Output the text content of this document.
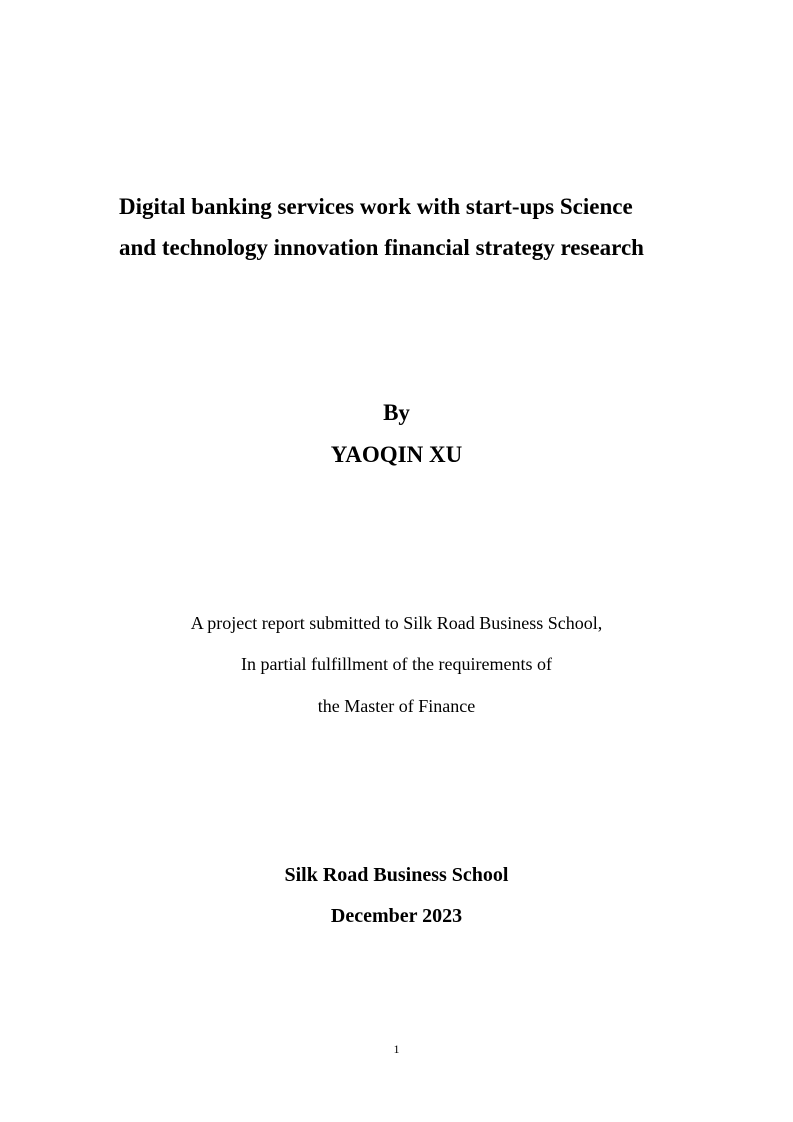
Digital banking services work with start-ups Science
and technology innovation financial strategy research
By
YAOQIN XU
A project report submitted to Silk Road Business School,
In partial fulfillment of the requirements of
the Master of Finance
Silk Road Business School
December 2023
1
